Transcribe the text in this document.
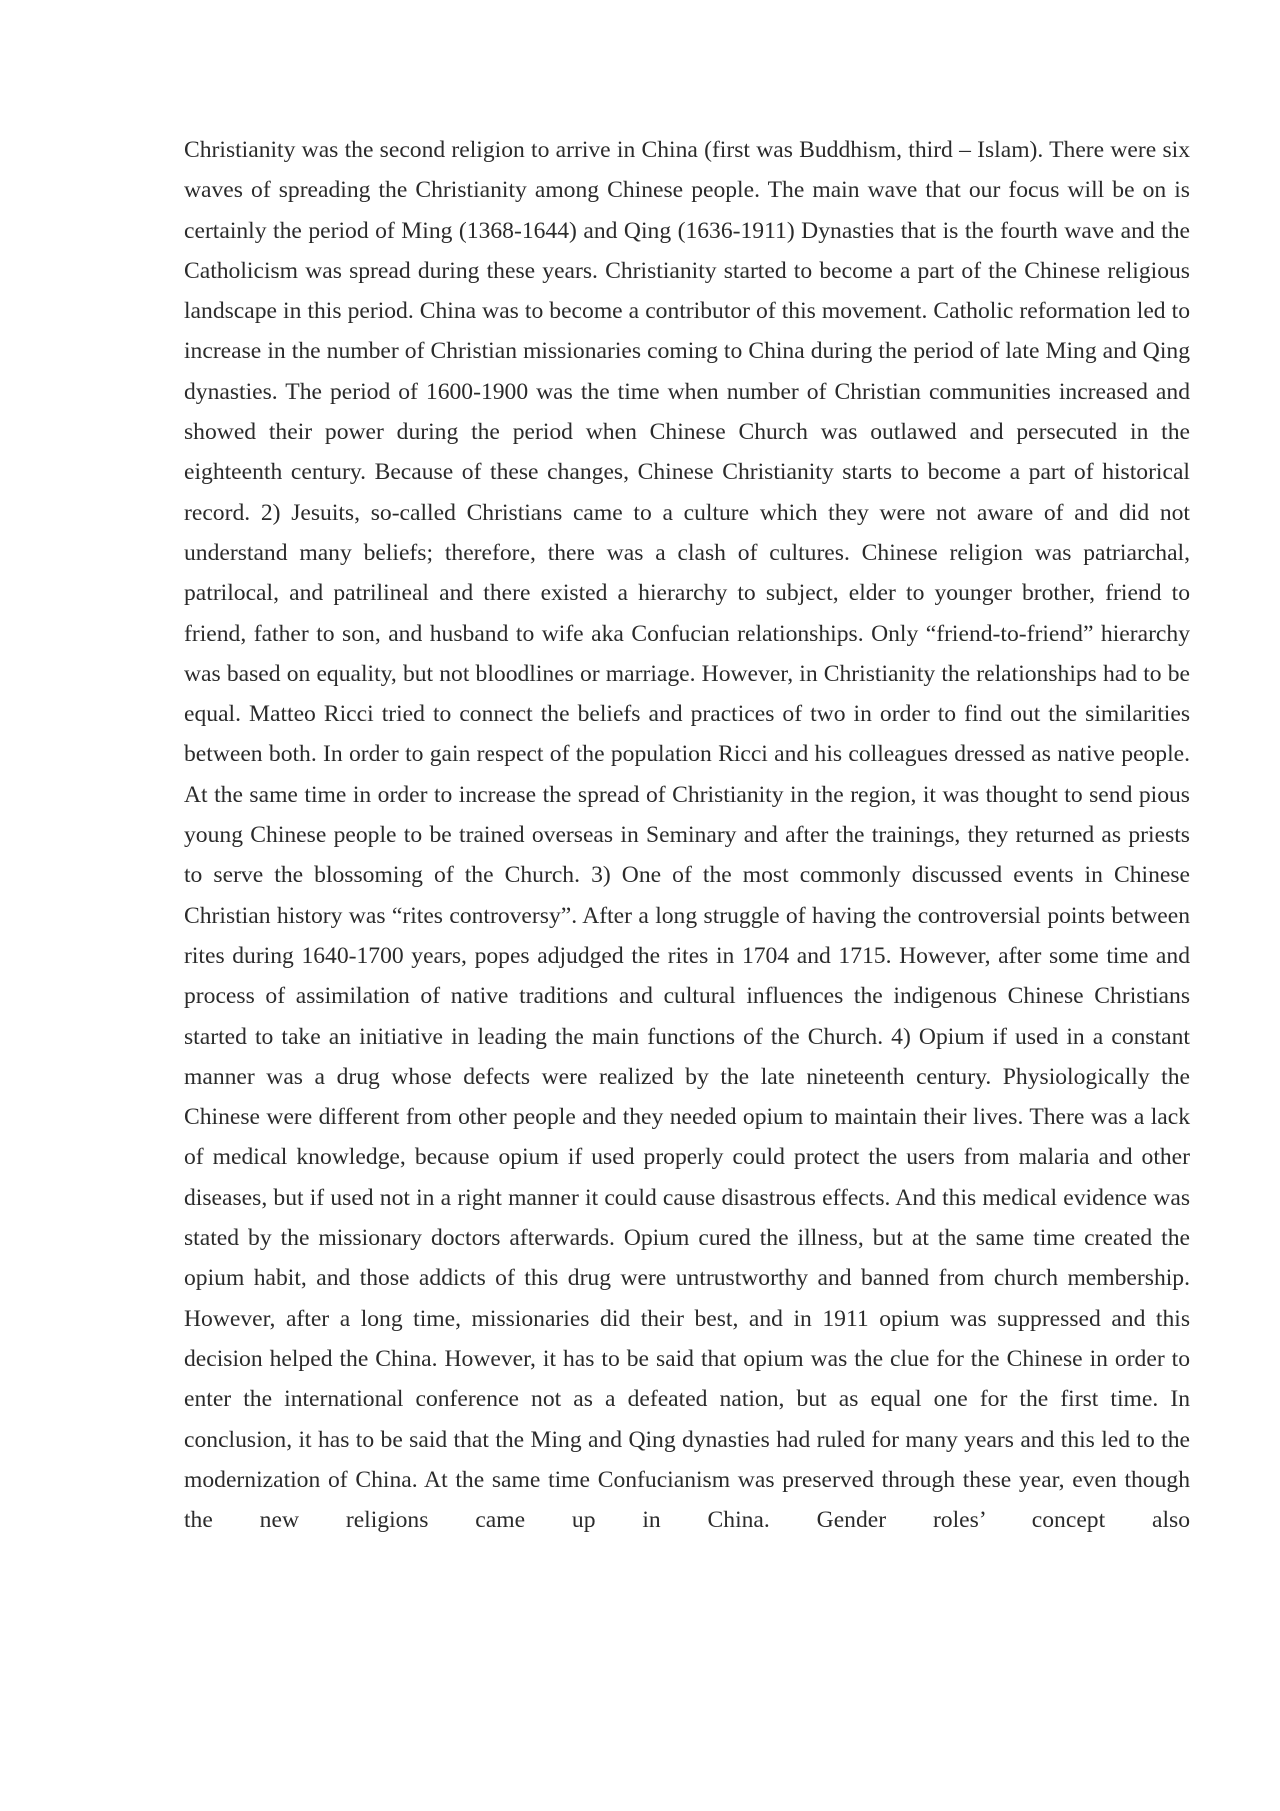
Christianity was the second religion to arrive in China (first was Buddhism, third – Islam). There were six waves of spreading the Christianity among Chinese people. The main wave that our focus will be on is certainly the period of Ming (1368-1644) and Qing (1636-1911) Dynasties that is the fourth wave and the Catholicism was spread during these years. Christianity started to become a part of the Chinese religious landscape in this period. China was to become a contributor of this movement. Catholic reformation led to increase in the number of Christian missionaries coming to China during the period of late Ming and Qing dynasties. The period of 1600-1900 was the time when number of Christian communities increased and showed their power during the period when Chinese Church was outlawed and persecuted in the eighteenth century. Because of these changes, Chinese Christianity starts to become a part of historical record. 2) Jesuits, so-called Christians came to a culture which they were not aware of and did not understand many beliefs; therefore, there was a clash of cultures. Chinese religion was patriarchal, patrilocal, and patrilineal and there existed a hierarchy to subject, elder to younger brother, friend to friend, father to son, and husband to wife aka Confucian relationships. Only “friend-to-friend” hierarchy was based on equality, but not bloodlines or marriage. However, in Christianity the relationships had to be equal. Matteo Ricci tried to connect the beliefs and practices of two in order to find out the similarities between both. In order to gain respect of the population Ricci and his colleagues dressed as native people. At the same time in order to increase the spread of Christianity in the region, it was thought to send pious young Chinese people to be trained overseas in Seminary and after the trainings, they returned as priests to serve the blossoming of the Church. 3) One of the most commonly discussed events in Chinese Christian history was “rites controversy”. After a long struggle of having the controversial points between rites during 1640-1700 years, popes adjudged the rites in 1704 and 1715. However, after some time and process of assimilation of native traditions and cultural influences the indigenous Chinese Christians started to take an initiative in leading the main functions of the Church. 4) Opium if used in a constant manner was a drug whose defects were realized by the late nineteenth century. Physiologically the Chinese were different from other people and they needed opium to maintain their lives. There was a lack of medical knowledge, because opium if used properly could protect the users from malaria and other diseases, but if used not in a right manner it could cause disastrous effects. And this medical evidence was stated by the missionary doctors afterwards. Opium cured the illness, but at the same time created the opium habit, and those addicts of this drug were untrustworthy and banned from church membership. However, after a long time, missionaries did their best, and in 1911 opium was suppressed and this decision helped the China. However, it has to be said that opium was the clue for the Chinese in order to enter the international conference not as a defeated nation, but as equal one for the first time. In conclusion, it has to be said that the Ming and Qing dynasties had ruled for many years and this led to the modernization of China. At the same time Confucianism was preserved through these year, even though the new religions came up in China. Gender roles’ concept also
